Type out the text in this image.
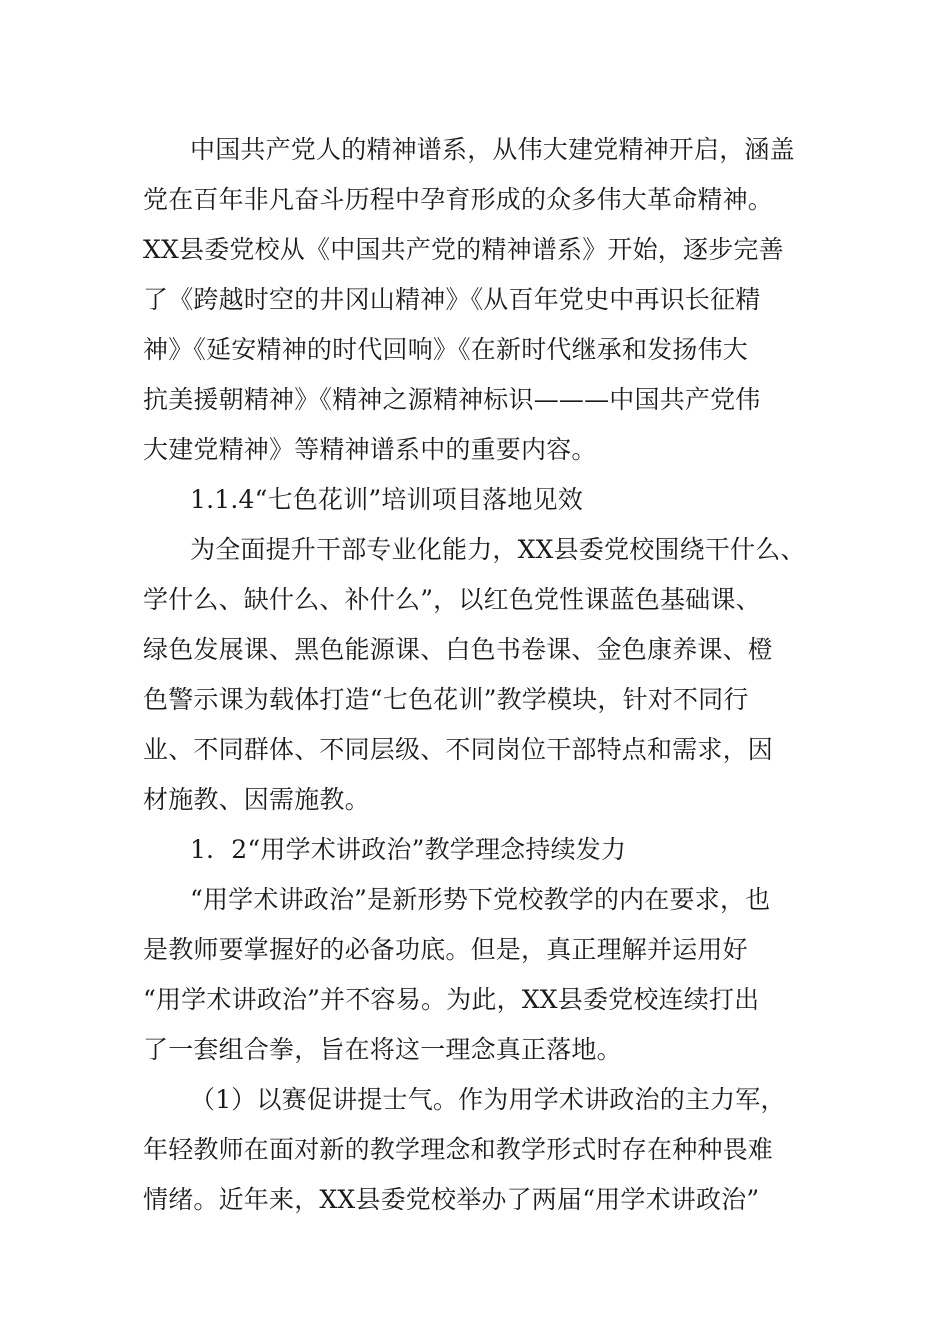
中国共产党人的精神谱系，从伟大建党精神开启，涵盖
党在百年非凡奋斗历程中孕育形成的众多伟大革命精神。
XX县委党校从《中国共产党的精神谱系》开始，逐步完善
了《跨越时空的井冈山精神》《从百年党史中再识长征精
神》《延安精神的时代回响》《在新时代继承和发扬伟大
抗美援朝精神》《精神之源精神标识———中国共产党伟
大建党精神》等精神谱系中的重要内容。
1.1.4“七色花训”培训项目落地见效
为全面提升干部专业化能力，XX县委党校围绕干什么、
学什么、缺什么、补什么”，以红色党性课蓝色基础课、
绿色发展课、黑色能源课、白色书卷课、金色康养课、橙
色警示课为载体打造“七色花训”教学模块，针对不同行
业、不同群体、不同层级、不同岗位干部特点和需求，因
材施教、因需施教。
1．2“用学术讲政治”教学理念持续发力
“用学术讲政治”是新形势下党校教学的内在要求，也
是教师要掌握好的必备功底。但是，真正理解并运用好
“用学术讲政治”并不容易。为此，XX县委党校连续打出
了一套组合拳，旨在将这一理念真正落地。
（1）以赛促讲提士气。作为用学术讲政治的主力军，
年轻教师在面对新的教学理念和教学形式时存在种种畏难
情绪。近年来，XX县委党校举办了两届“用学术讲政治”
